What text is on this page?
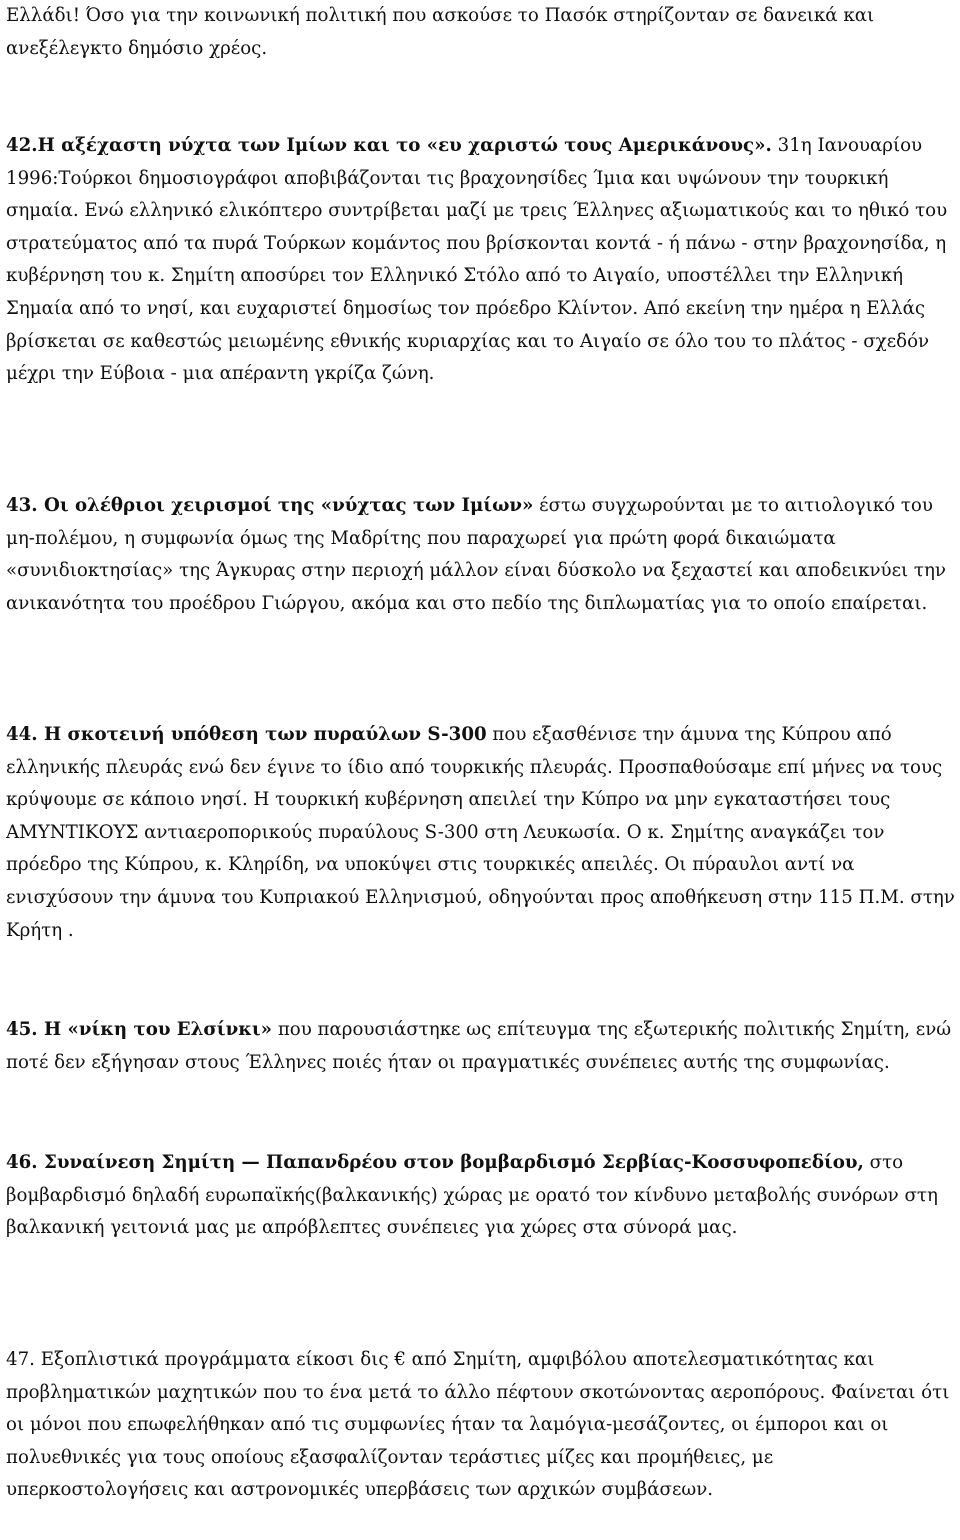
Ελλάδι! Όσο για την κοινωνική πολιτική που ασκούσε το Πασόκ στηρίζονταν σε δανεικά και ανεξέλεγκτο δημόσιο χρέος.

42.Η αξέχαστη νύχτα των Ιμίων και το «ευ χαριστώ τους Αμερικάνους». 31η Ιανουαρίου 1996:Τούρκοι δημοσιογράφοι αποβιβάζονται τις βραχονησίδες Ίμια και υψώνουν την τουρκική σημαία. Ενώ ελληνικό ελικόπτερο συντρίβεται μαζί με τρεις Έλληνες αξιωματικούς και το ηθικό του στρατεύματος από τα πυρά Τούρκων κομάντος που βρίσκονται κοντά - ή πάνω - στην βραχονησίδα, η κυβέρνηση του κ. Σημίτη αποσύρει τον Ελληνικό Στόλο από το Αιγαίο, υποστέλλει την Ελληνική Σημαία από το νησί, και ευχαριστεί δημοσίως τον πρόεδρο Κλίντον. Από εκείνη την ημέρα η Ελλάς βρίσκεται σε καθεστώς μειωμένης εθνικής κυριαρχίας και το Αιγαίο σε όλο του το πλάτος - σχεδόν μέχρι την Εύβοια - μια απέραντη γκρίζα ζώνη.

43. Οι ολέθριοι χειρισμοί της «νύχτας των Ιμίων» έστω συγχωρούνται με το αιτιολογικό του μη-πολέμου, η συμφωνία όμως της Μαδρίτης που παραχωρεί για πρώτη φορά δικαιώματα «συνιδιοκτησίας» της Άγκυρας στην περιοχή μάλλον είναι δύσκολο να ξεχαστεί και αποδεικνύει την ανικανότητα του προέδρου Γιώργου, ακόμα και στο πεδίο της διπλωματίας για το οποίο επαίρεται.

44. Η σκοτεινή υπόθεση των πυραύλων S-300 που εξασθένισε την άμυνα της Κύπρου από ελληνικής πλευράς ενώ δεν έγινε το ίδιο από τουρκικής πλευράς. Προσπαθούσαμε επί μήνες να τους κρύψουμε σε κάποιο νησί. Η τουρκική κυβέρνηση απειλεί την Κύπρο να μην εγκαταστήσει τους ΑΜΥΝΤΙΚΟΥΣ αντιαεροπορικούς πυραύλους S-300 στη Λευκωσία. Ο κ. Σημίτης αναγκάζει τον πρόεδρο της Κύπρου, κ. Κληρίδη, να υποκύψει στις τουρκικές απειλές. Οι πύραυλοι αντί να ενισχύσουν την άμυνα του Κυπριακού Ελληνισμού, οδηγούνται προς αποθήκευση στην 115 Π.Μ. στην Κρήτη .

45. Η «νίκη του Ελσίνκι» που παρουσιάστηκε ως επίτευγμα της εξωτερικής πολιτικής Σημίτη, ενώ ποτέ δεν εξήγησαν στους Έλληνες ποιές ήταν οι πραγματικές συνέπειες αυτής της συμφωνίας.

46. Συναίνεση Σημίτη — Παπανδρέου στον βομβαρδισμό Σερβίας-Κοσσυφοπεδίου, στο βομβαρδισμό δηλαδή ευρωπαϊκής(βαλκανικής) χώρας με ορατό τον κίνδυνο μεταβολής συνόρων στη βαλκανική γειτονιά μας με απρόβλεπτες συνέπειες για χώρες στα σύνορά μας.

47. Εξοπλιστικά προγράμματα είκοσι δις € από Σημίτη, αμφιβόλου αποτελεσματικότητας και προβληματικών μαχητικών που το ένα μετά το άλλο πέφτουν σκοτώνοντας αεροπόρους. Φαίνεται ότι οι μόνοι που επωφελήθηκαν από τις συμφωνίες ήταν τα λαμόγια-μεσάζοντες, οι έμποροι και οι πολυεθνικές για τους οποίους εξασφαλίζονταν τεράστιες μίζες και προμήθειες, με υπερκοστολογήσεις και αστρονομικές υπερβάσεις των αρχικών συμβάσεων.
